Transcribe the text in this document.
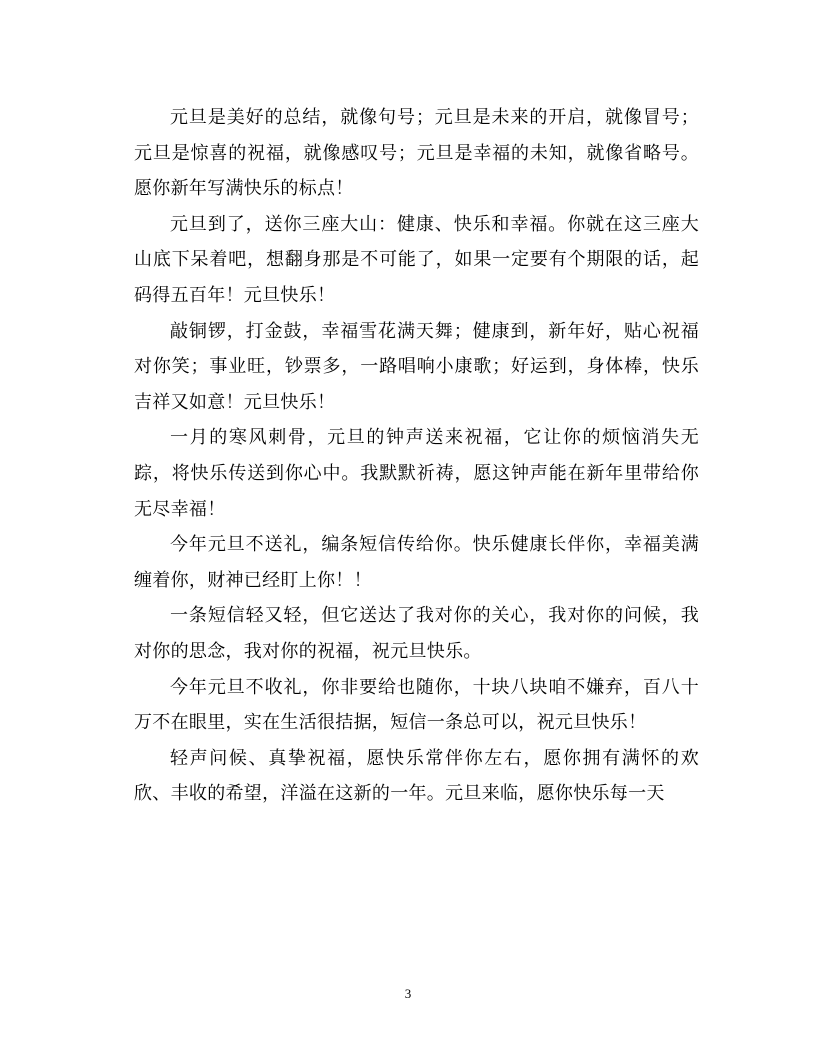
元旦是美好的总结，就像句号；元旦是未来的开启，就像冒号；元旦是惊喜的祝福，就像感叹号；元旦是幸福的未知，就像省略号。愿你新年写满快乐的标点！

元旦到了，送你三座大山：健康、快乐和幸福。你就在这三座大山底下呆着吧，想翻身那是不可能了，如果一定要有个期限的话，起码得五百年！元旦快乐！

敲铜锣，打金鼓，幸福雪花满天舞；健康到，新年好，贴心祝福对你笑；事业旺，钞票多，一路唱响小康歌；好运到，身体棒，快乐吉祥又如意！元旦快乐！

一月的寒风刺骨，元旦的钟声送来祝福，它让你的烦恼消失无踪，将快乐传送到你心中。我默默祈祷，愿这钟声能在新年里带给你无尽幸福！

今年元旦不送礼，编条短信传给你。快乐健康长伴你，幸福美满缠着你，财神已经盯上你！！

一条短信轻又轻，但它送达了我对你的关心，我对你的问候，我对你的思念，我对你的祝福，祝元旦快乐。

今年元旦不收礼，你非要给也随你，十块八块咱不嫌弃，百八十万不在眼里，实在生活很拮据，短信一条总可以，祝元旦快乐！

轻声问候、真挚祝福，愿快乐常伴你左右，愿你拥有满怀的欢欣、丰收的希望，洋溢在这新的一年。元旦来临，愿你快乐每一天

3
